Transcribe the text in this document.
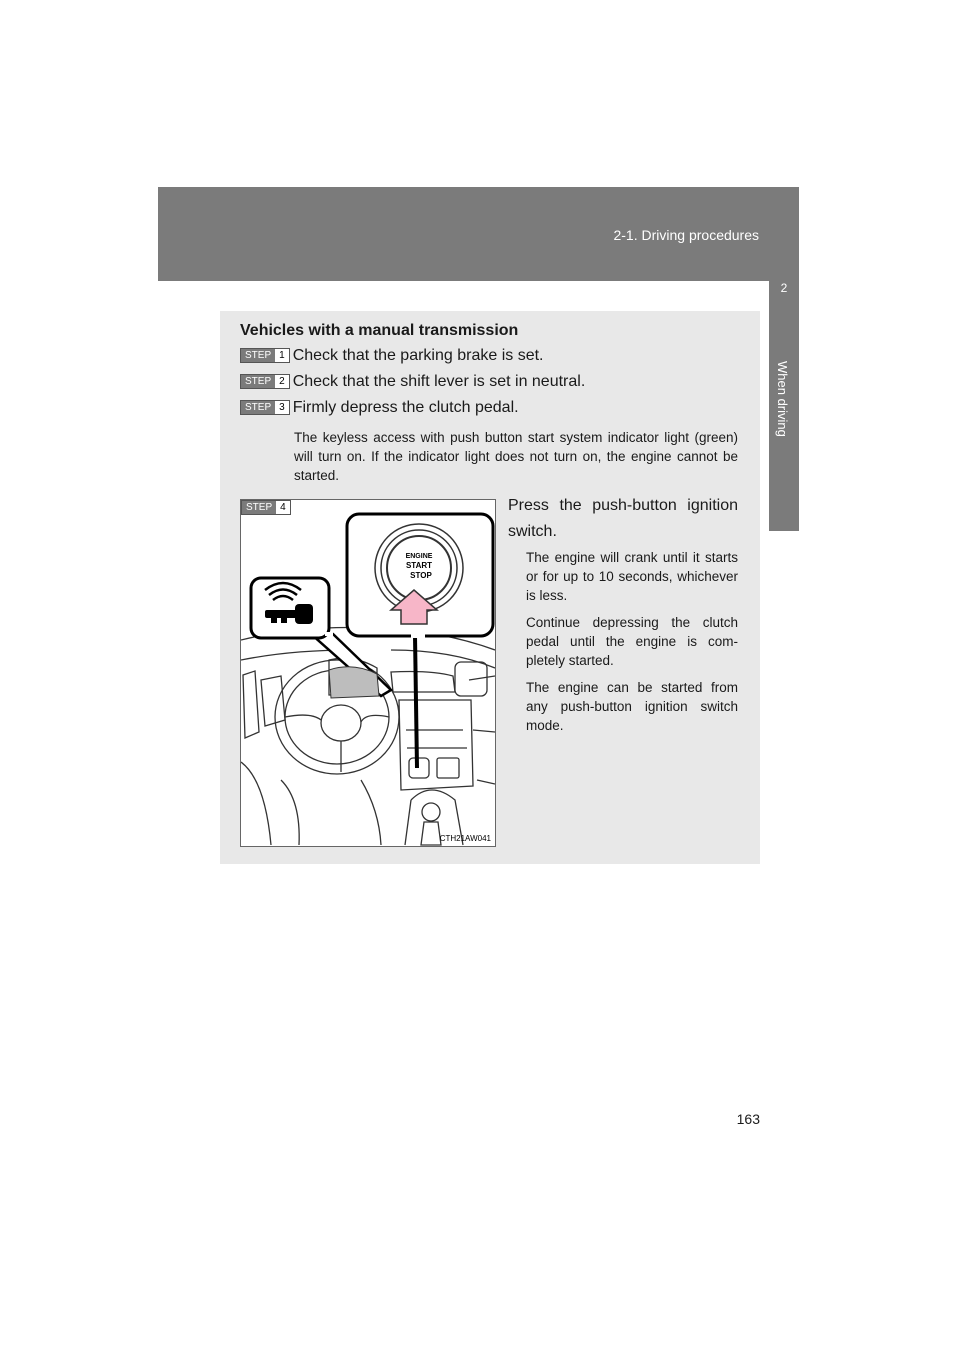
2-1. Driving procedures
2
When driving
Vehicles with a manual transmission
STEP 1 Check that the parking brake is set.
STEP 2 Check that the shift lever is set in neutral.
STEP 3 Firmly depress the clutch pedal.
The keyless access with push button start system indicator light (green) will turn on. If the indicator light does not turn on, the engine cannot be started.
ENGINE
START
STOP
STEP 4
CTH21AW041
Press the push-button ignition switch.
The engine will crank until it starts or for up to 10 seconds, whichever is less.
Continue depressing the clutch pedal until the engine is com-pletely started.
The engine can be started from any push-button ignition switch mode.
163
